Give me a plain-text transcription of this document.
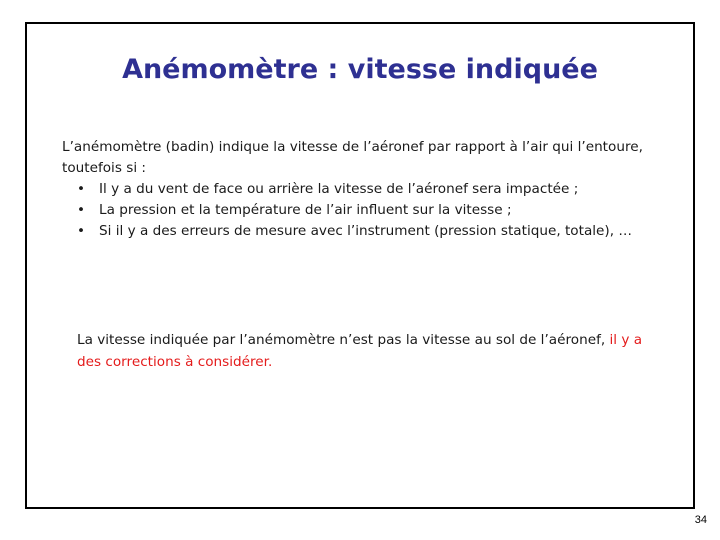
Anémomètre : vitesse indiquée

L’anémomètre (badin) indique la vitesse de l’aéronef par rapport à l’air qui l’entoure, toutefois si :

• Il y a du vent de face ou arrière la vitesse de l’aéronef sera impactée ;
• La pression et la température de l’air influent sur la vitesse ;
• Si il y a des erreurs de mesure avec l’instrument (pression statique, totale), …

La vitesse indiquée par l’anémomètre n’est pas la vitesse au sol de l’aéronef, il y a

des corrections à considérer.

34
